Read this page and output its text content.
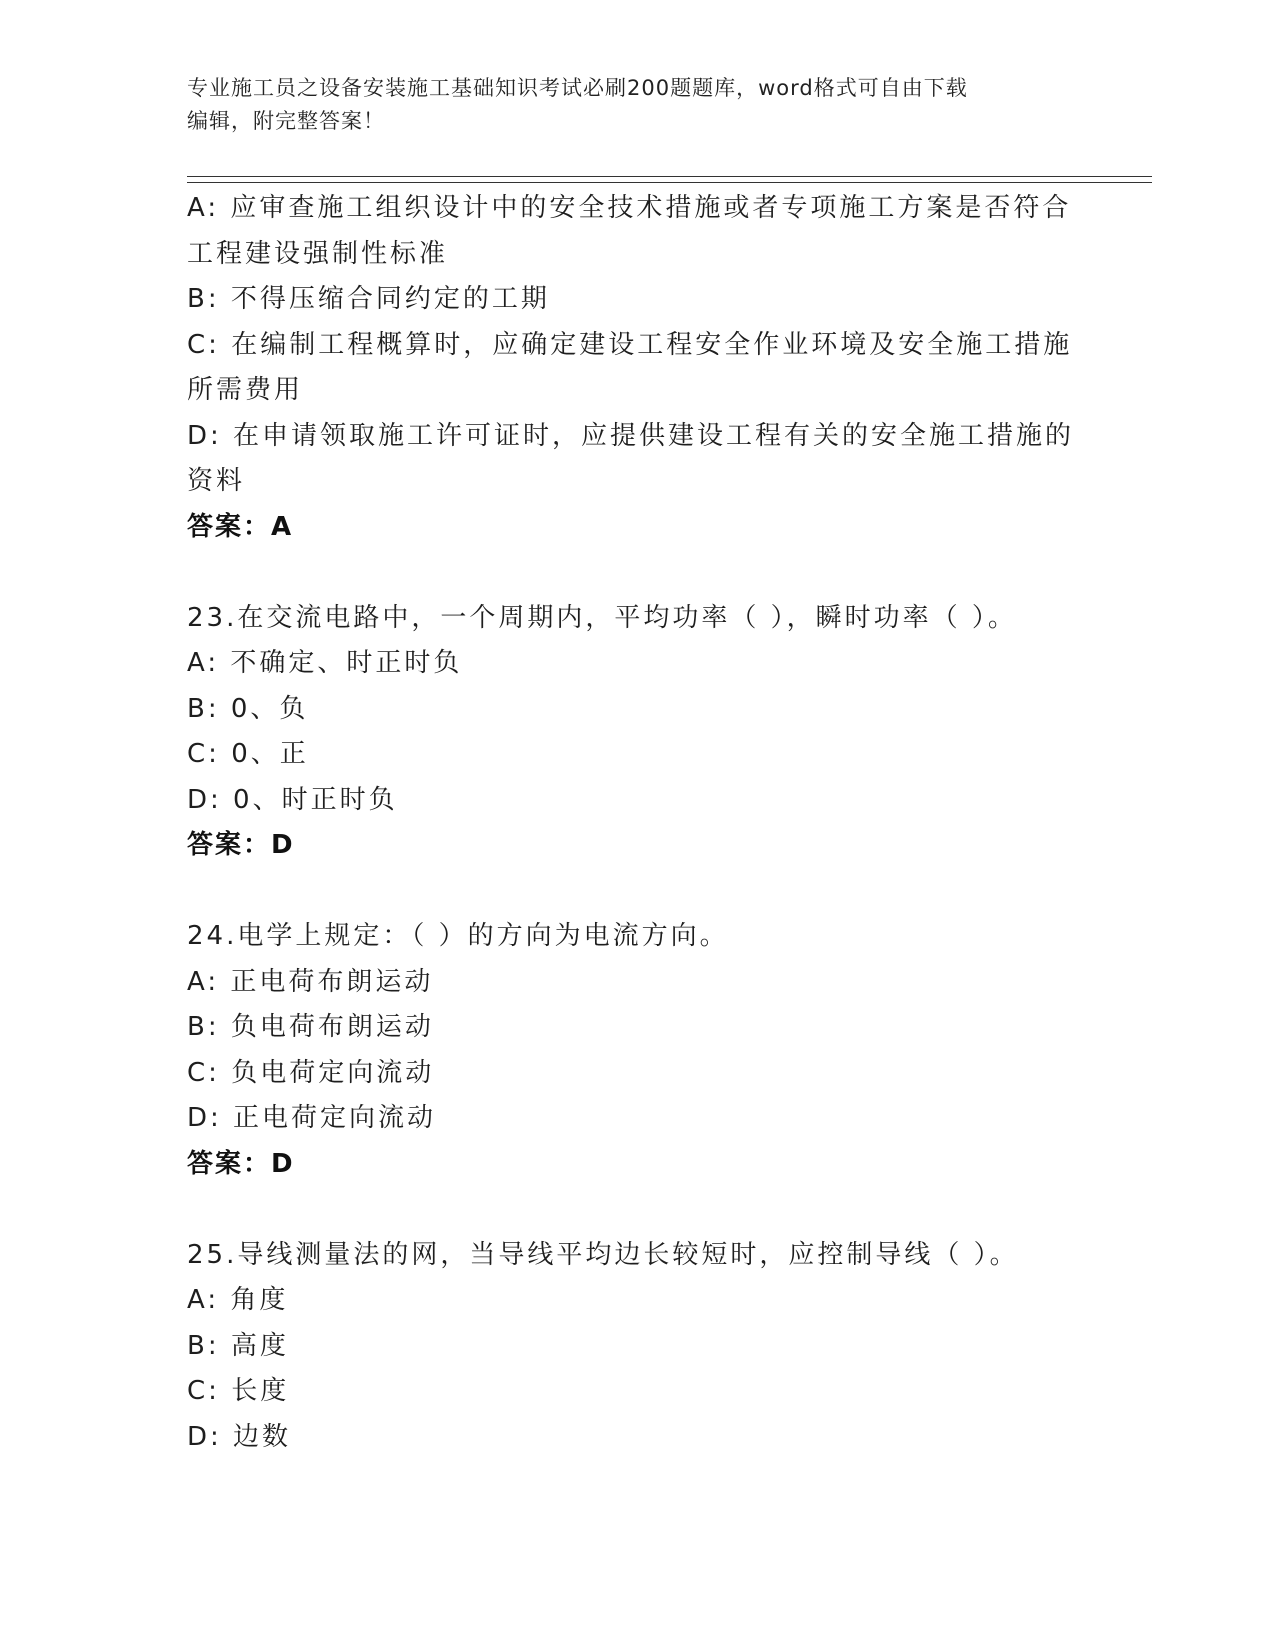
专业施工员之设备安装施工基础知识考试必刷200题题库，word格式可自由下载
编辑，附完整答案！
A: 应审查施工组织设计中的安全技术措施或者专项施工方案是否符合
工程建设强制性标准
B: 不得压缩合同约定的工期
C: 在编制工程概算时，应确定建设工程安全作业环境及安全施工措施
所需费用
D: 在申请领取施工许可证时，应提供建设工程有关的安全施工措施的
资料
答案：A
23.在交流电路中，一个周期内，平均功率（ ），瞬时功率（ ）。
A: 不确定、时正时负
B: 0、负
C: 0、正
D: 0、时正时负
答案：D
24.电学上规定：（ ）的方向为电流方向。
A: 正电荷布朗运动
B: 负电荷布朗运动
C: 负电荷定向流动
D: 正电荷定向流动
答案：D
25.导线测量法的网，当导线平均边长较短时，应控制导线（ ）。
A: 角度
B: 高度
C: 长度
D: 边数
